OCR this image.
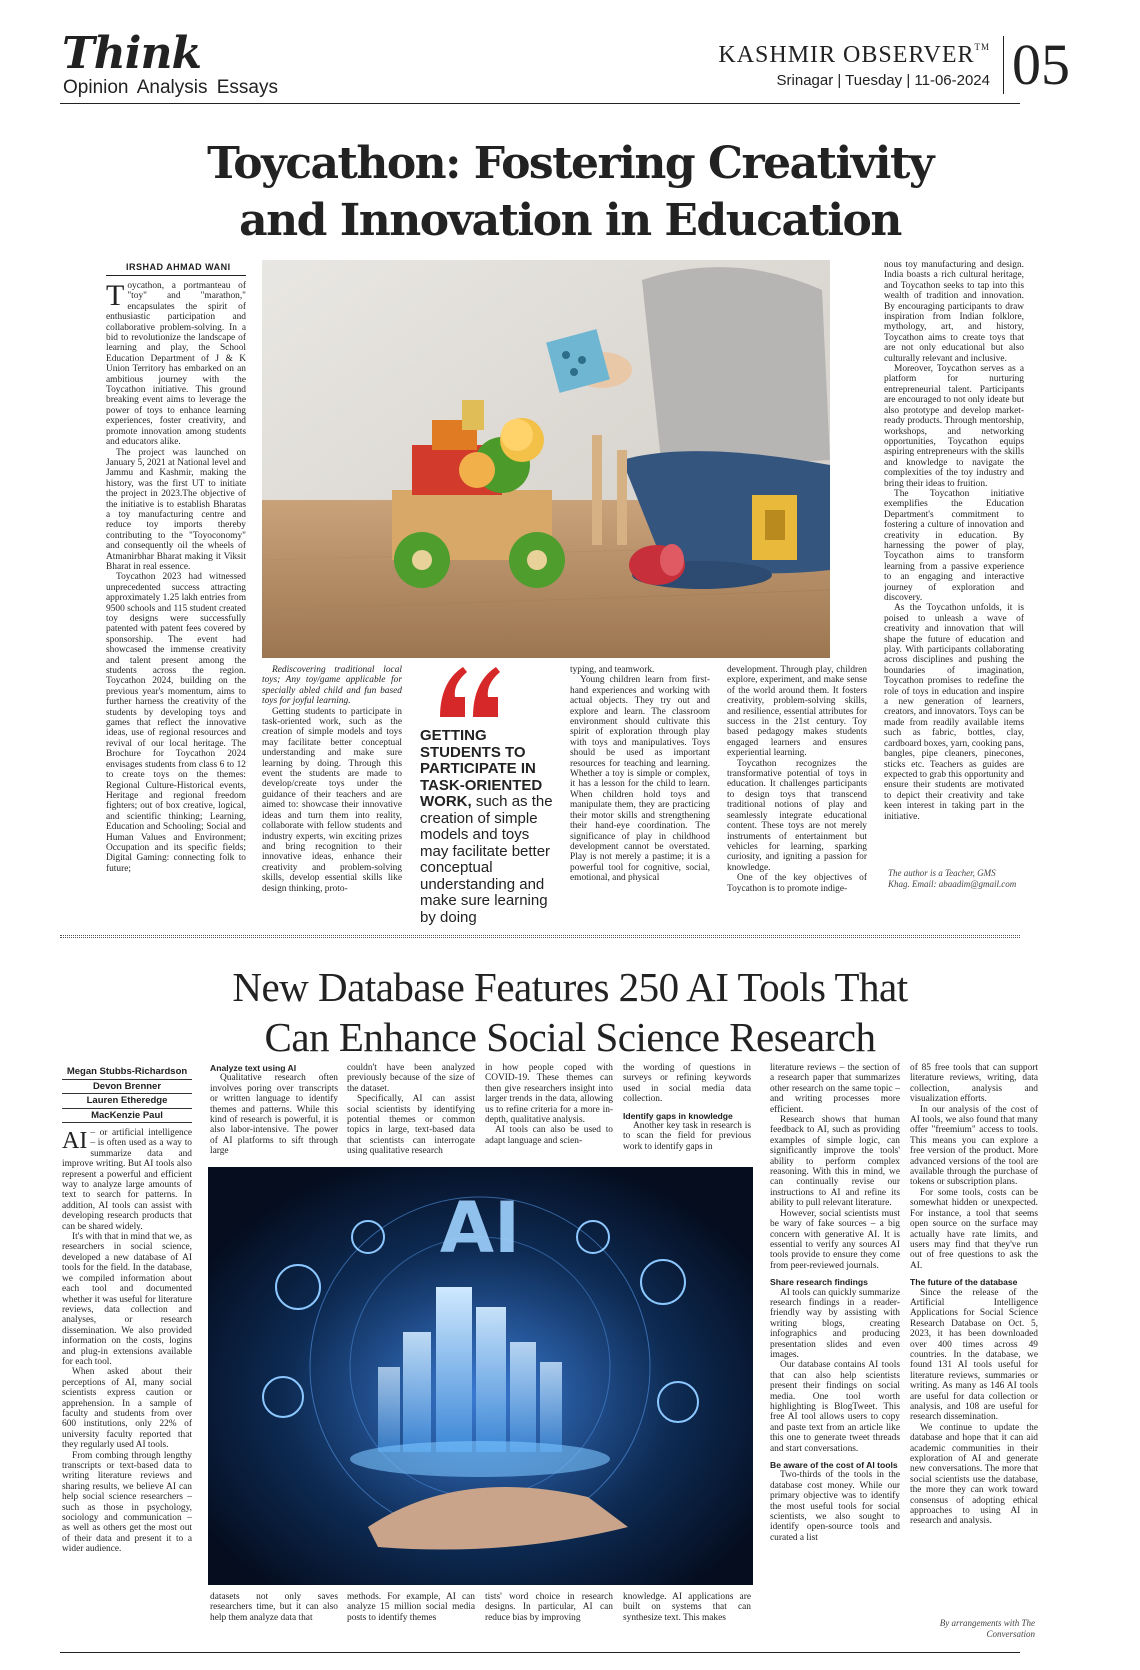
Think
Opinion Analysis Essays
KASHMIR OBSERVER™
Srinagar | Tuesday | 11-06-2024 05
Toycathon: Fostering Creativity
and Innovation in Education
IRSHAD AHMAD WANI
T oycathon, a portmanteau of "toy" and "marathon," encapsulates the spirit of enthusiastic participation and collaborative problem-solving. In a bid to revolutionize the landscape of learning and play, the School Education Department of J & K Union Territory has embarked on an ambitious journey with the Toycathon initiative. This ground breaking event aims to leverage the power of toys to enhance learning experiences, foster creativity, and promote innovation among students and educators alike.

The project was launched on January 5, 2021 at National level and Jammu and Kashmir, making the history, was the first UT to initiate the project in 2023.The objective of the initiative is to establish Bharatas a toy manufacturing centre and reduce toy imports thereby contributing to the "Toyoconomy" and consequently oil the wheels of Atmanirbhar Bharat making it Viksit Bharat in real essence.

Toycathon 2023 had witnessed unprecedented success attracting approximately 1.25 lakh entries from 9500 schools and 115 student created toy designs were successfully patented with patent fees covered by sponsorship. The event had showcased the immense creativity and talent present among the students across the region. Toycathon 2024, building on the previous year's momentum, aims to further harness the creativity of the students by developing toys and games that reflect the innovative ideas, use of regional resources and revival of our local heritage. The Brochure for Toycathon 2024 envisages students from class 6 to 12 to create toys on the themes: Regional Culture-Historical events, Heritage and regional freedom fighters; out of box creative, logical, and scientific thinking; Learning, Education and Schooling; Social and Human Values and Environment; Occupation and its specific fields; Digital Gaming: connecting folk to future;

Rediscovering traditional local toys; Any toy/game applicable for specially abled child and fun based toys for joyful learning.

Getting students to participate in task-oriented work, such as the creation of simple models and toys may facilitate better conceptual understanding and make sure learning by doing. Through this event the students are made to develop/create toys under the guidance of their teachers and are aimed to: showcase their innovative ideas and turn them into reality, collaborate with fellow students and industry experts, win exciting prizes and bring recognition to their innovative ideas, enhance their creativity and problem-solving skills, develop essential skills like design thinking, proto-

GETTING STUDENTS TO PARTICIPATE IN TASK-ORIENTED WORK, such as the creation of simple models and toys may facilitate better conceptual understanding and make sure learning by doing

typing, and teamwork.

Young children learn from first-hand experiences and working with actual objects. They try out and explore and learn. The classroom environment should cultivate this spirit of exploration through play with toys and manipulatives. Toys should be used as important resources for teaching and learning. Whether a toy is simple or complex, it has a lesson for the child to learn. When children hold toys and manipulate them, they are practicing their motor skills and strengthening their hand-eye coordination. The significance of play in childhood development cannot be overstated. Play is not merely a pastime; it is a powerful tool for cognitive, social, emotional, and physical

development. Through play, children explore, experiment, and make sense of the world around them. It fosters creativity, problem-solving skills, and resilience, essential attributes for success in the 21st century. Toy based pedagogy makes students engaged learners and ensures experiential learning.

Toycathon recognizes the transformative potential of toys in education. It challenges participants to design toys that transcend traditional notions of play and seamlessly integrate educational content. These toys are not merely instruments of entertainment but vehicles for learning, sparking curiosity, and igniting a passion for knowledge.

One of the key objectives of Toycathon is to promote indige-

nous toy manufacturing and design. India boasts a rich cultural heritage, and Toycathon seeks to tap into this wealth of tradition and innovation. By encouraging participants to draw inspiration from Indian folklore, mythology, art, and history, Toycathon aims to create toys that are not only educational but also culturally relevant and inclusive.

Moreover, Toycathon serves as a platform for nurturing entrepreneurial talent. Participants are encouraged to not only ideate but also prototype and develop market-ready products. Through mentorship, workshops, and networking opportunities, Toycathon equips aspiring entrepreneurs with the skills and knowledge to navigate the complexities of the toy industry and bring their ideas to fruition.

The Toycathon initiative exemplifies the Education Department's commitment to fostering a culture of innovation and creativity in education. By harnessing the power of play, Toycathon aims to transform learning from a passive experience to an engaging and interactive journey of exploration and discovery.

As the Toycathon unfolds, it is poised to unleash a wave of creativity and innovation that will shape the future of education and play. With participants collaborating across disciplines and pushing the boundaries of imagination, Toycathon promises to redefine the role of toys in education and inspire a new generation of learners, creators, and innovators. Toys can be made from readily available items such as fabric, bottles, clay, cardboard boxes, yarn, cooking pans, bangles, pipe cleaners, pinecones, sticks etc. Teachers as guides are expected to grab this opportunity and ensure their students are motivated to depict their creativity and take keen interest in taking part in the initiative.

The author is a Teacher, GMS Khag. Email: abaadim@gmail.com
New Database Features 250 AI Tools That
Can Enhance Social Science Research
Megan Stubbs-Richardson
Devon Brenner
Lauren Etheredge
MacKenzie Paul
AI – or artificial intelligence – is often used as a way to summarize data and improve writing. But AI tools also represent a powerful and efficient way to analyze large amounts of text to search for patterns. In addition, AI tools can assist with developing research products that can be shared widely.

It's with that in mind that we, as researchers in social science, developed a new database of AI tools for the field. In the database, we compiled information about each tool and documented whether it was useful for literature reviews, data collection and analyses, or research dissemination. We also provided information on the costs, logins and plug-in extensions available for each tool.

When asked about their perceptions of AI, many social scientists express caution or apprehension. In a sample of faculty and students from over 600 institutions, only 22% of university faculty reported that they regularly used AI tools.

From combing through lengthy transcripts or text-based data to writing literature reviews and sharing results, we believe AI can help social science researchers – such as those in psychology, sociology and communication – as well as others get the most out of their data and present it to a wider audience.

Analyze text using AI

Qualitative research often involves poring over transcripts or written language to identify themes and patterns. While this kind of research is powerful, it is also labor-intensive. The power of AI platforms to sift through large

couldn't have been analyzed previously because of the size of the dataset.

Specifically, AI can assist social scientists by identifying potential themes or common topics in large, text-based data that scientists can interrogate using qualitative research

in how people coped with COVID-19. These themes can then give researchers insight into larger trends in the data, allowing us to refine criteria for a more in-depth, qualitative analysis.

AI tools can also be used to adapt language and scien-

the wording of questions in surveys or refining keywords used in social media data collection.

Identify gaps in knowledge

Another key task in research is to scan the field for previous work to identify gaps in

AI

datasets not only saves researchers time, but it can also help them analyze data that

methods. For example, AI can analyze 15 million social media posts to identify themes

tists' word choice in research designs. In particular, AI can reduce bias by improving

knowledge. AI applications are built on systems that can synthesize text. This makes

literature reviews – the section of a research paper that summarizes other research on the same topic – and writing processes more efficient.

Research shows that human feedback to AI, such as providing examples of simple logic, can significantly improve the tools' ability to perform complex reasoning. With this in mind, we can continually revise our instructions to AI and refine its ability to pull relevant literature.

However, social scientists must be wary of fake sources – a big concern with generative AI. It is essential to verify any sources AI tools provide to ensure they come from peer-reviewed journals.

Share research findings

AI tools can quickly summarize research findings in a reader-friendly way by assisting with writing blogs, creating infographics and producing presentation slides and even images.

Our database contains AI tools that can also help scientists present their findings on social media. One tool worth highlighting is BlogTweet. This free AI tool allows users to copy and paste text from an article like this one to generate tweet threads and start conversations.

Be aware of the cost of AI tools

Two-thirds of the tools in the database cost money. While our primary objective was to identify the most useful tools for social scientists, we also sought to identify open-source tools and curated a list

of 85 free tools that can support literature reviews, writing, data collection, analysis and visualization efforts.

In our analysis of the cost of AI tools, we also found that many offer "freemium" access to tools. This means you can explore a free version of the product. More advanced versions of the tool are available through the purchase of tokens or subscription plans.

For some tools, costs can be somewhat hidden or unexpected. For instance, a tool that seems open source on the surface may actually have rate limits, and users may find that they've run out of free questions to ask the AI.

The future of the database

Since the release of the Artificial Intelligence Applications for Social Science Research Database on Oct. 5, 2023, it has been downloaded over 400 times across 49 countries. In the database, we found 131 AI tools useful for literature reviews, summaries or writing. As many as 146 AI tools are useful for data collection or analysis, and 108 are useful for research dissemination.

We continue to update the database and hope that it can aid academic communities in their exploration of AI and generate new conversations. The more that social scientists use the database, the more they can work toward consensus of adopting ethical approaches to using AI in research and analysis.

By arrangements with The Conversation
